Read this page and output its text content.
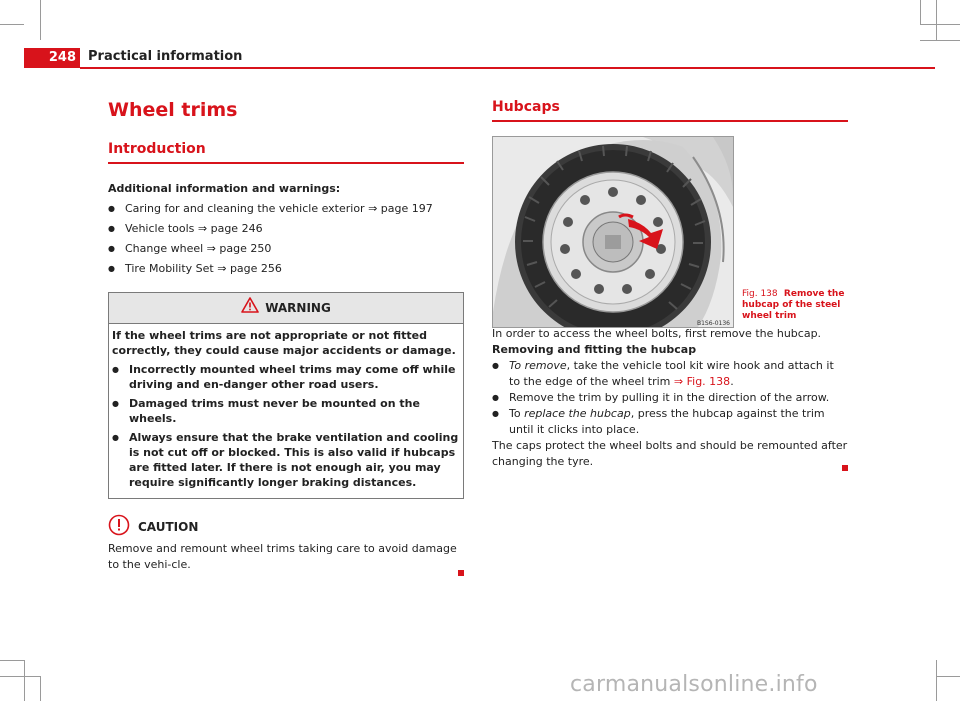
248 Practical information
Wheel trims
Introduction
Additional information and warnings:
● Caring for and cleaning the vehicle exterior ⇒ page 197
● Vehicle tools ⇒ page 246
● Change wheel ⇒ page 250
● Tire Mobility Set ⇒ page 256
WARNING

If the wheel trims are not appropriate or not fitted correctly, they could cause major accidents or damage.

● Incorrectly mounted wheel trims may come off while driving and en-danger other road users.

● Damaged trims must never be mounted on the wheels.

● Always ensure that the brake ventilation and cooling is not cut off or blocked. This is also valid if hubcaps are fitted later. If there is not enough air, you may require significantly longer braking distances.

CAUTION

Remove and remount wheel trims taking care to avoid damage to the vehi-cle.

Hubcaps
B1S6-0136
Fig. 138 Remove the hubcap of the steel wheel trim

In order to access the wheel bolts, first remove the hubcap.

Removing and fitting the hubcap

● To remove, take the vehicle tool kit wire hook and attach it to the edge of the wheel trim ⇒ Fig. 138.

● Remove the trim by pulling it in the direction of the arrow.

● To replace the hubcap, press the hubcap against the trim until it clicks into place.

The caps protect the wheel bolts and should be remounted after changing the tyre.

carmanualsonline.info
